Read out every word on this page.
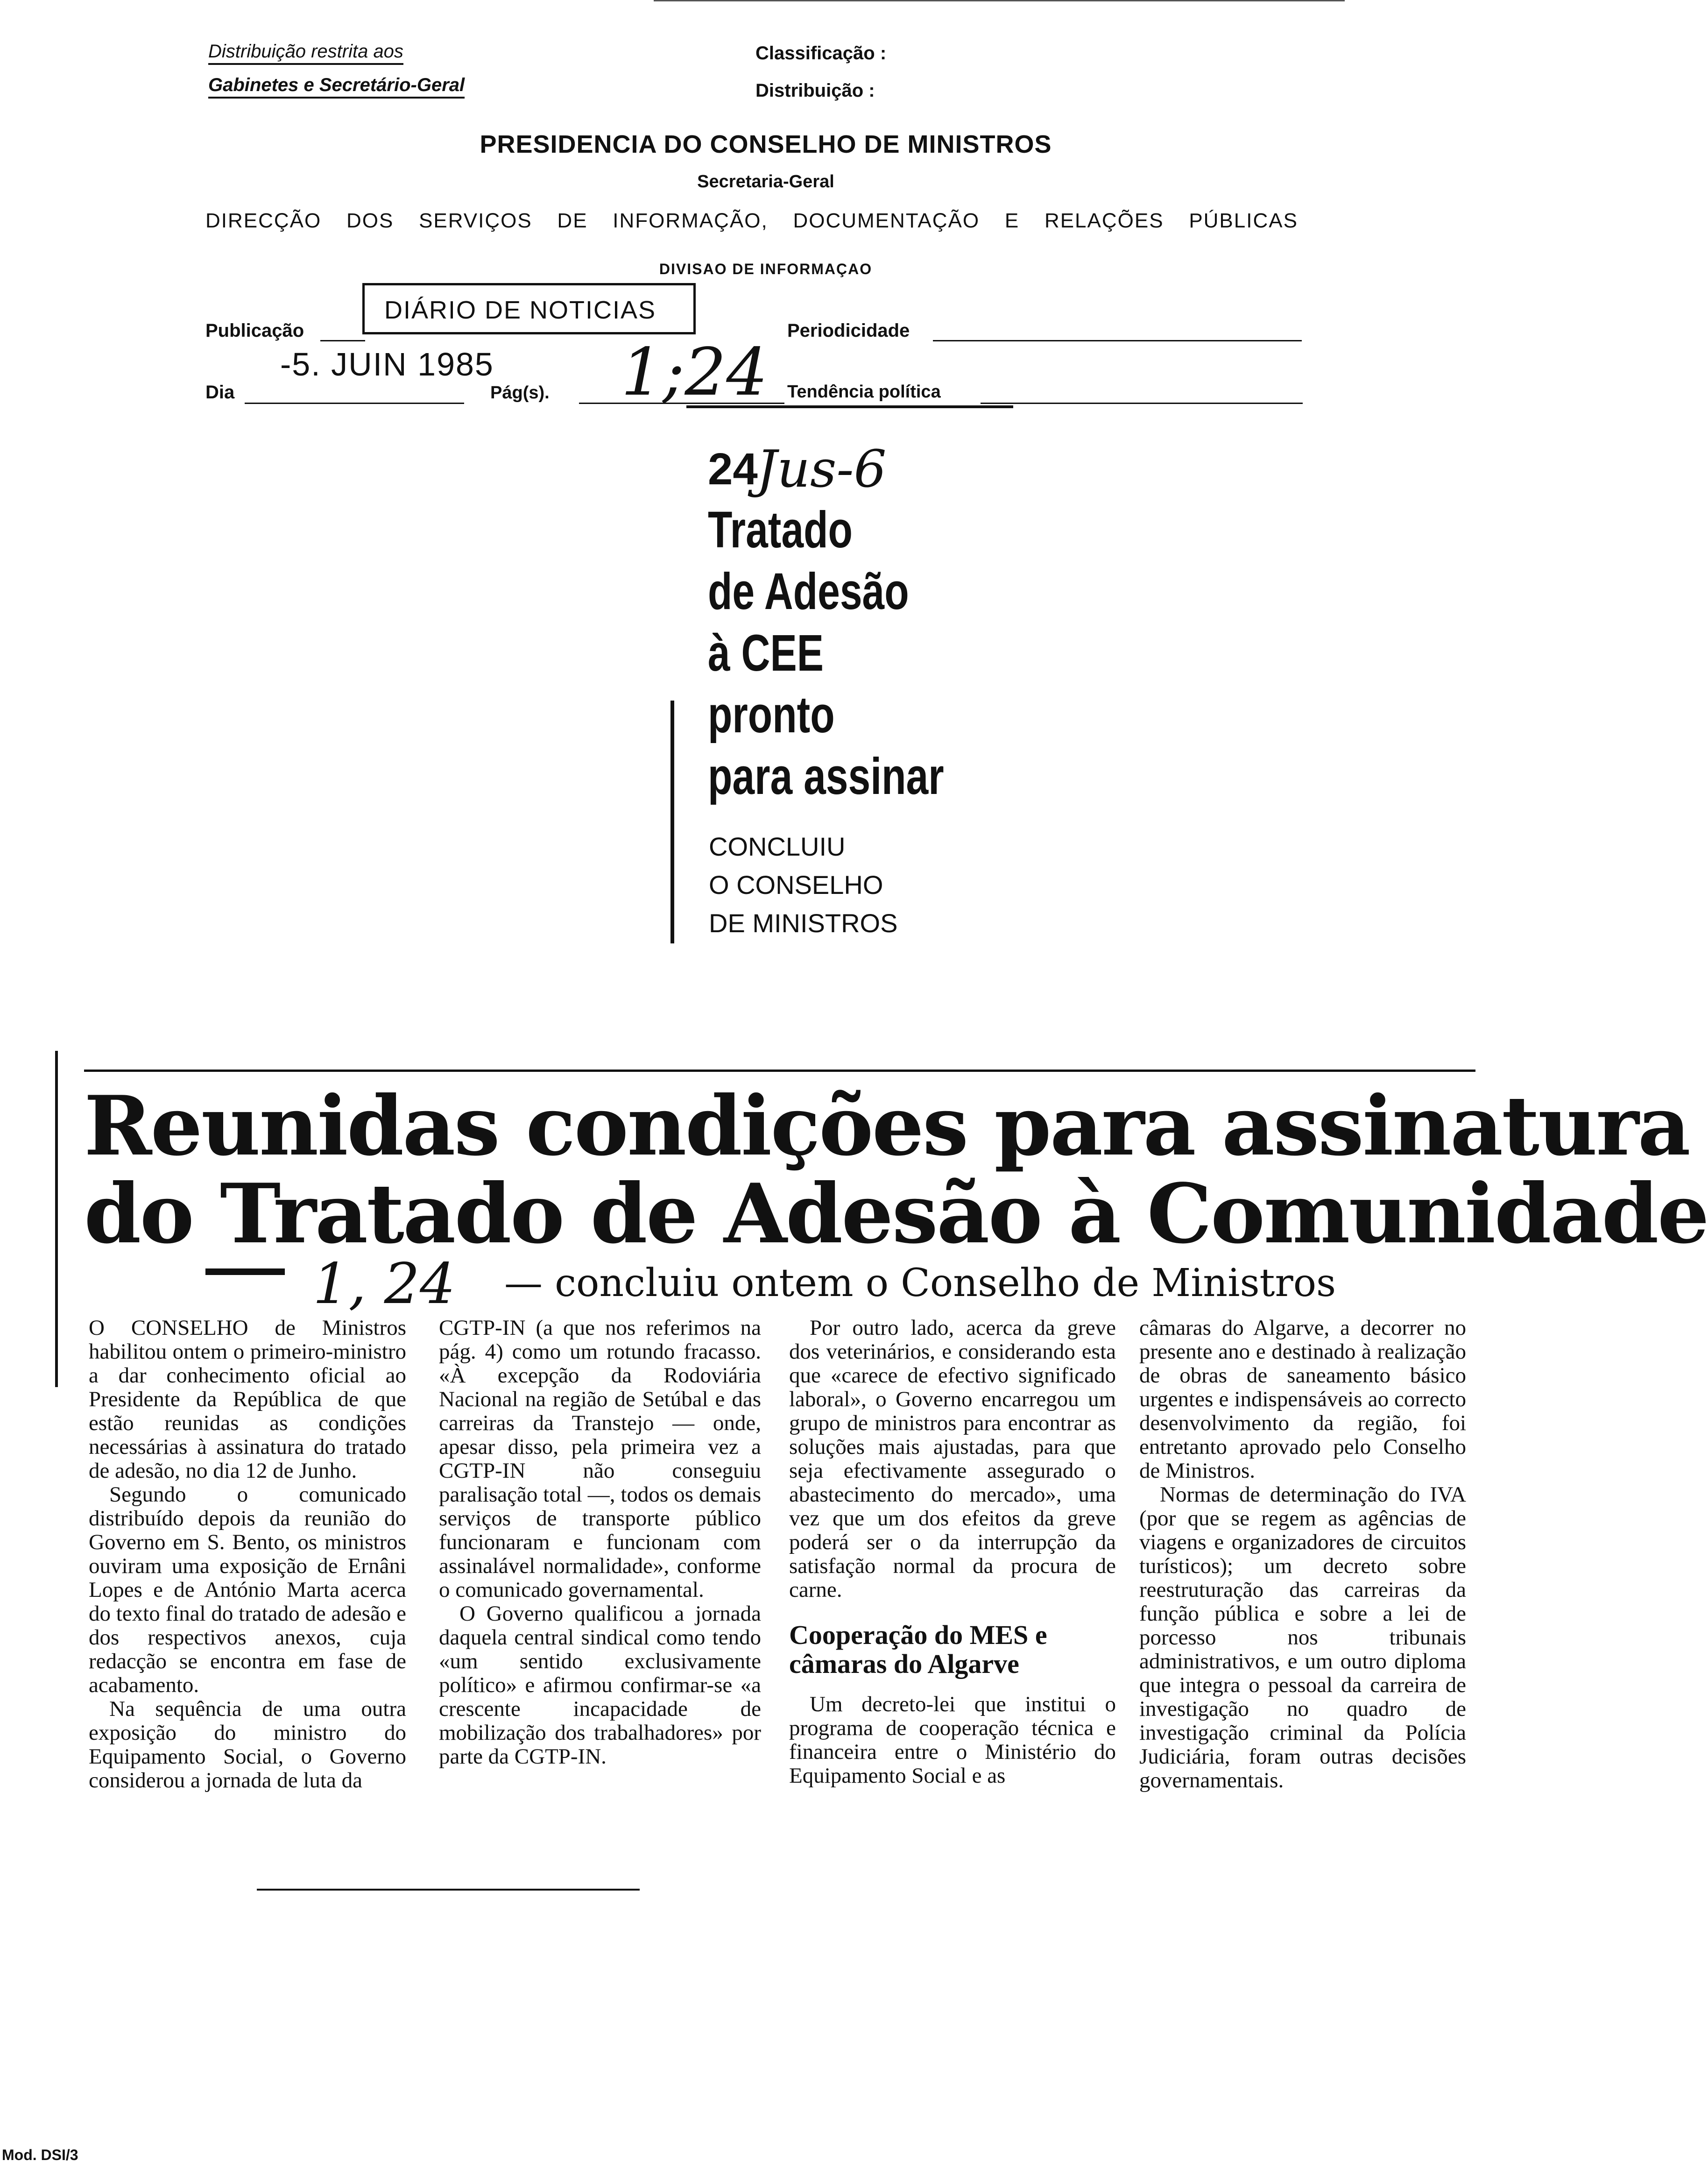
Distribuição restrita aos
Gabinetes e Secretário-Geral
Classificação :
Distribuição :
PRESIDENCIA DO CONSELHO DE MINISTROS
Secretaria-Geral
DIRECÇÃO DOS SERVIÇOS DE INFORMAÇÃO, DOCUMENTAÇÃO E RELAÇÕES PÚBLICAS
DIVISAO DE INFORMAÇAO
Publicação
DIÁRIO DE NOTICIAS
Periodicidade
Dia
-5. JUIN 1985
Pág(s). 1;24 Tendência política
24
Jus-6
Tratado
de Adesão
à CEE
pronto
para assinar
CONCLUIU
O CONSELHO
DE MINISTROS
Reunidas condições para assinatura
do Tratado de Adesão à Comunidade
1, 24 — concluiu ontem o Conselho de Ministros

O CONSELHO de Ministros habilitou ontem o primeiro-ministro a dar conhecimento oficial ao Presidente da República de que estão reunidas as condições necessárias à assinatura do tratado de adesão, no dia 12 de Junho.

Segundo o comunicado distribuído depois da reunião do Governo em S. Bento, os ministros ouviram uma exposição de Ernâni Lopes e de António Marta acerca do texto final do tratado de adesão e dos respectivos anexos, cuja redacção se encontra em fase de acabamento.

Na sequência de uma outra exposição do ministro do Equipamento Social, o Governo considerou a jornada de luta da

CGTP-IN (a que nos referimos na pág. 4) como um rotundo fracasso. «À excepção da Rodoviária Nacional na região de Setúbal e das carreiras da Transtejo — onde, apesar disso, pela primeira vez a CGTP-IN não conseguiu paralisação total —, todos os demais serviços de transporte público funcionaram e funcionam com assinalável normalidade», conforme o comunicado governamental.

O Governo qualificou a jornada daquela central sindical como tendo «um sentido exclusivamente político» e afirmou confirmar-se «a crescente incapacidade de mobilização dos trabalhadores» por parte da CGTP-IN.

Por outro lado, acerca da greve dos veterinários, e considerando esta que «carece de efectivo significado laboral», o Governo encarregou um grupo de ministros para encontrar as soluções mais ajustadas, para que seja efectivamente assegurado o abastecimento do mercado», uma vez que um dos efeitos da greve poderá ser o da interrupção da satisfação normal da procura de carne.

Cooperação do MES e câmaras do Algarve

Um decreto-lei que institui o programa de cooperação técnica e financeira entre o Ministério do Equipamento Social e as

câmaras do Algarve, a decorrer no presente ano e destinado à realização de obras de saneamento básico urgentes e indispensáveis ao correcto desenvolvimento da região, foi entretanto aprovado pelo Conselho de Ministros.

Normas de determinação do IVA (por que se regem as agências de viagens e organizadores de circuitos turísticos); um decreto sobre reestruturação das carreiras da função pública e sobre a lei de porcesso nos tribunais administrativos, e um outro diploma que integra o pessoal da carreira de investigação no quadro de investigação criminal da Polícia Judiciária, foram outras decisões governamentais.

Mod. DSI/3
